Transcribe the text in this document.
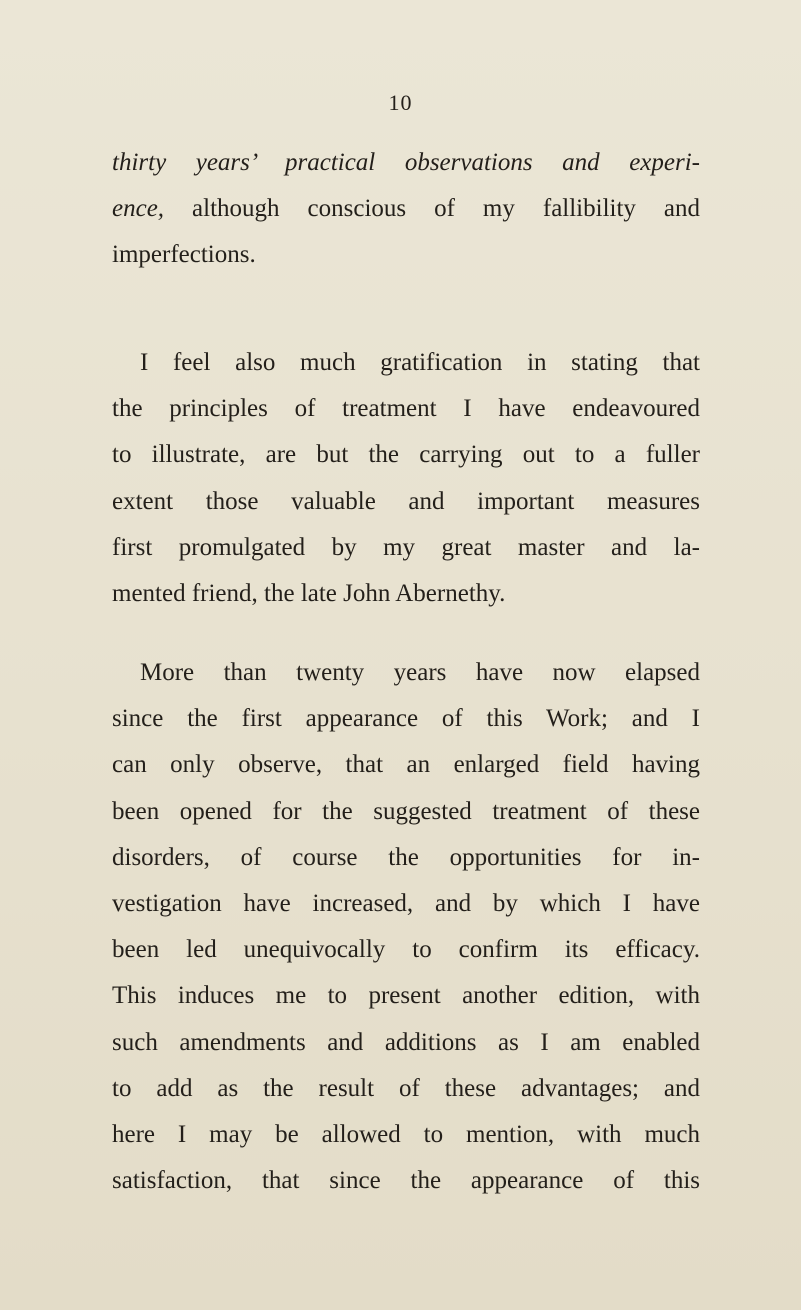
10
thirty years’ practical observations and experi-
ence, although conscious of my fallibility and
imperfections.
I feel also much gratification in stating that
the principles of treatment I have endeavoured
to illustrate, are but the carrying out to a fuller
extent those valuable and important measures
first promulgated by my great master and la-
mented friend, the late John Abernethy.
More than twenty years have now elapsed
since the first appearance of this Work; and I
can only observe, that an enlarged field having
been opened for the suggested treatment of these
disorders, of course the opportunities for in-
vestigation have increased, and by which I have
been led unequivocally to confirm its efficacy.
This induces me to present another edition, with
such amendments and additions as I am enabled
to add as the result of these advantages; and
here I may be allowed to mention, with much
satisfaction, that since the appearance of this
